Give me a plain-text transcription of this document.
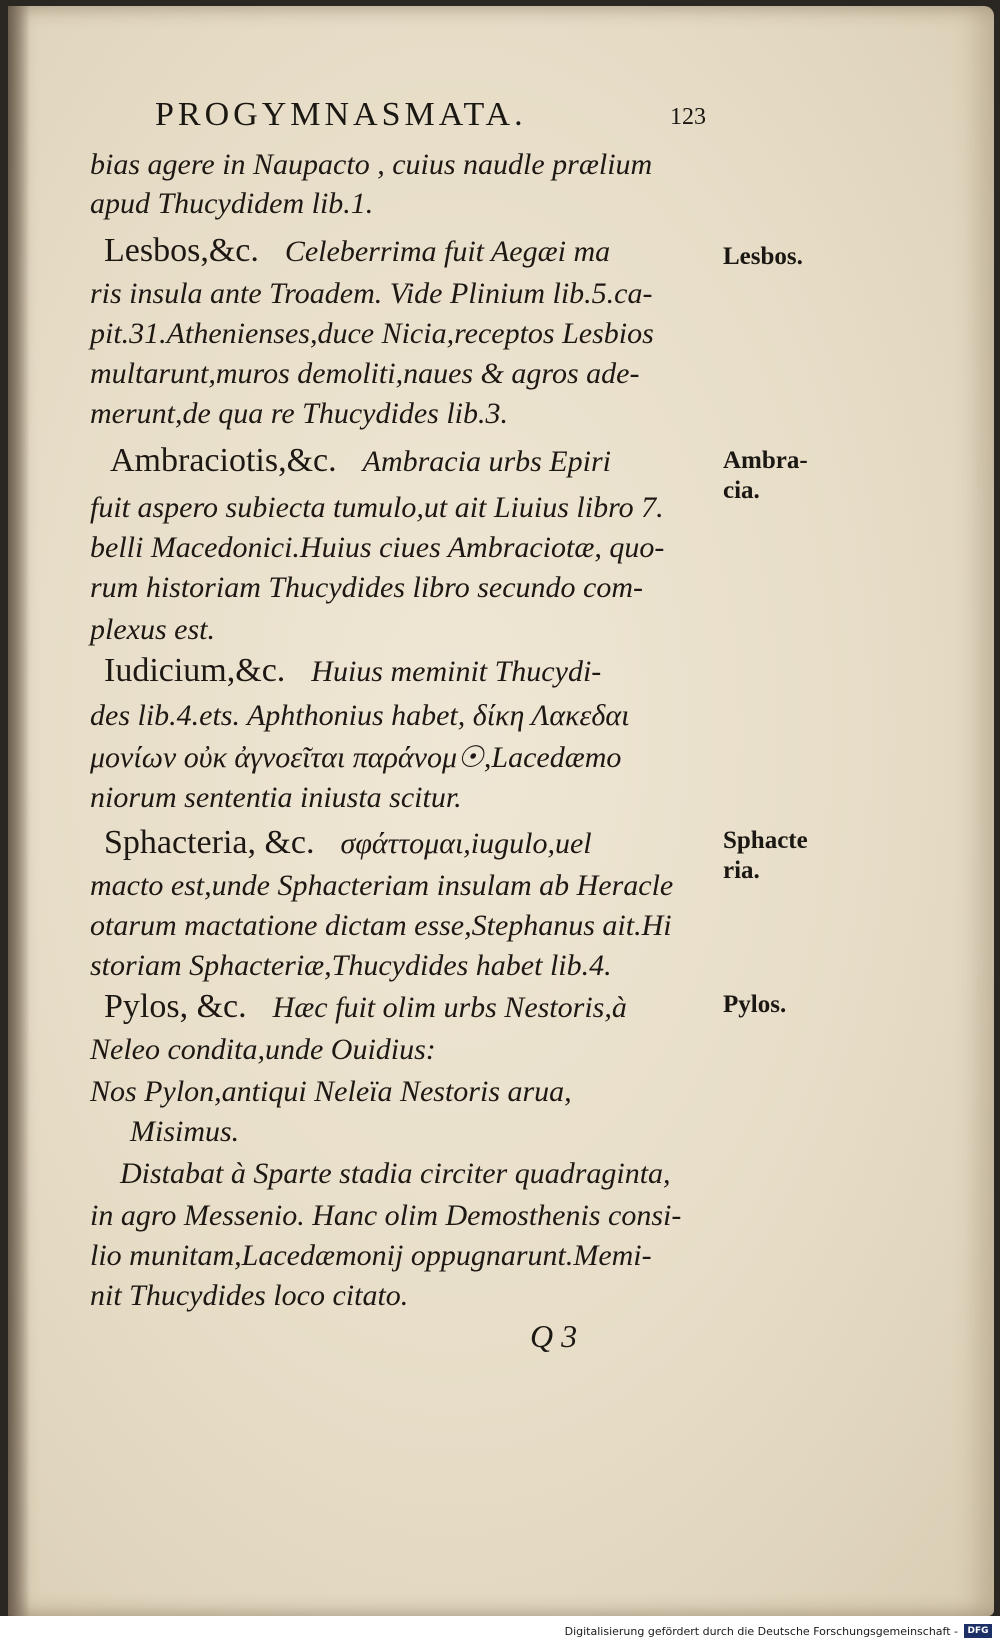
PROGYMNASMATA.	123
bias agere in Naupacto , cuius naudle prælium
apud Thucydidem lib.1.
Lesbos,&c. Celeberrima fuit Aegæi ma
ris insula ante Troadem. Vide Plinium lib.5.ca-
pit.31.Athenienses,duce Nicia,receptos Lesbios
multarunt,muros demoliti,naues & agros ade-
merunt,de qua re Thucydides lib.3.
Ambraciotis,&c. Ambracia urbs Epiri
fuit aspero subiecta tumulo,ut ait Liuius libro 7.
belli Macedonici.Huius ciues Ambraciotæ, quo-
rum historiam Thucydides libro secundo com-
plexus est.
Iudicium,&c. Huius meminit Thucydi-
des lib.4.ets. Aphthonius habet, δίκη Λακεδαι
μονίων οὐκ ἀγνοεῖται παράνομ☉,Lacedæmo
niorum sententia iniusta scitur.
Sphacteria, &c. σφάττομαι,iugulo,uel
macto est,unde Sphacteriam insulam ab Heracle
otarum mactatione dictam esse,Stephanus ait.Hi
storiam Sphacteriæ,Thucydides habet lib.4.
Pylos, &c. Hæc fuit olim urbs Nestoris,à
Neleo condita,unde Ouidius:
Nos Pylon,antiqui Neleïa Nestoris arua,
Misimus.
Distabat à Sparte stadia circiter quadraginta,
in agro Messenio. Hanc olim Demosthenis consi-
lio munitam,Lacedæmonij oppugnarunt.Memi-
nit Thucydides loco citato.
Lesbos.
Ambra-
cia.
Sphacte
ria.
Pylos.
Q 3
Digitalisierung gefördert durch die Deutsche Forschungsgemeinschaft -	DFG
